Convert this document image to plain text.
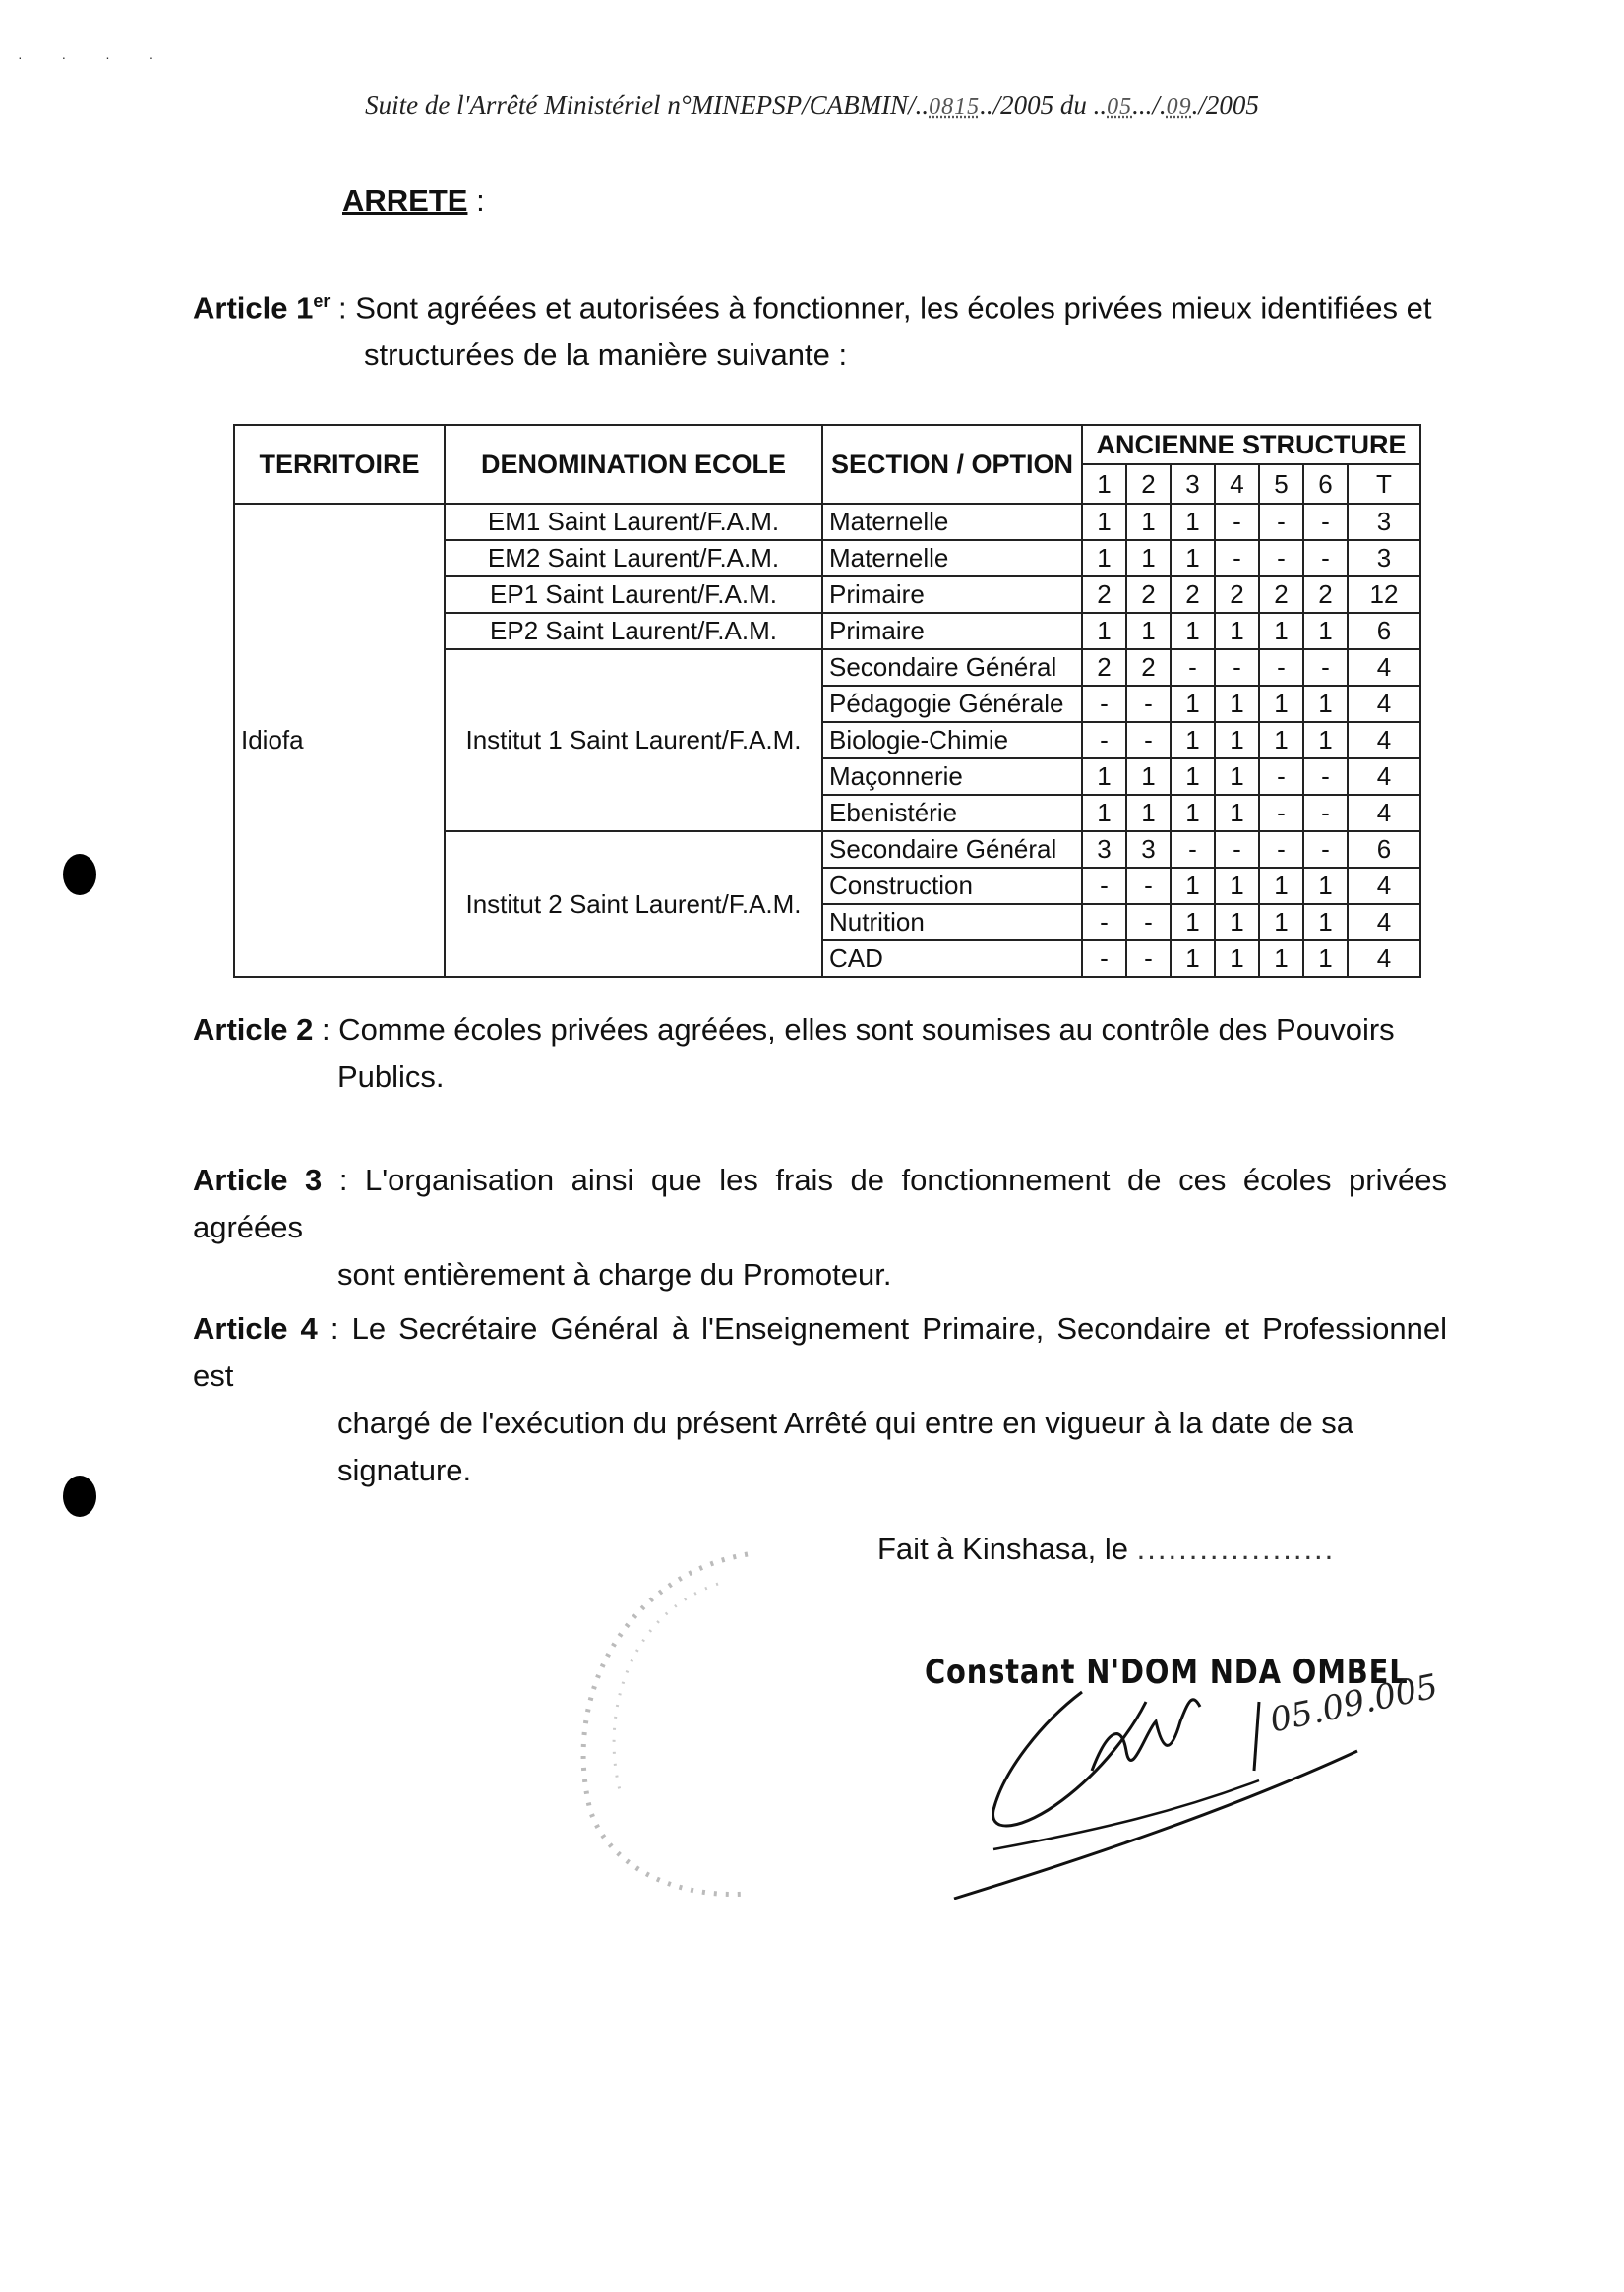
· · · ·
Suite de l'Arrêté Ministériel n°MINEPSP/CABMIN/..0815../2005 du ..05.../.09./2005
ARRETE :
Article 1er : Sont agréées et autorisées à fonctionner, les écoles privées mieux identifiées et
structurées de la manière suivante :
TERRITOIRE	DENOMINATION ECOLE	SECTION / OPTION	ANCIENNE STRUCTURE						
			1	2	3	4	5	6	T
Idiofa	EM1 Saint Laurent/F.A.M.	Maternelle	1	1	1	-	-	-	3
	EM2 Saint Laurent/F.A.M.	Maternelle	1	1	1	-	-	-	3
	EP1 Saint Laurent/F.A.M.	Primaire	2	2	2	2	2	2	12
	EP2 Saint Laurent/F.A.M.	Primaire	1	1	1	1	1	1	6
	Institut 1 Saint Laurent/F.A.M.	Secondaire Général	2	2	-	-	-	-	4
		Pédagogie Générale	-	-	1	1	1	1	4
		Biologie-Chimie	-	-	1	1	1	1	4
		Maçonnerie	1	1	1	1	-	-	4
		Ebenistérie	1	1	1	1	-	-	4
	Institut 2 Saint Laurent/F.A.M.	Secondaire Général	3	3	-	-	-	-	6
		Construction	-	-	1	1	1	1	4
		Nutrition	-	-	1	1	1	1	4
		CAD	-	-	1	1	1	1	4
Article 2 : Comme écoles privées agréées, elles sont soumises au contrôle des Pouvoirs
Publics.
Article 3 : L'organisation ainsi que les frais de fonctionnement de ces écoles privées agréées
sont entièrement à charge du Promoteur.
Article 4 : Le Secrétaire Général à l'Enseignement Primaire, Secondaire et Professionnel est
chargé de l'exécution du présent Arrêté qui entre en vigueur à la date de sa
signature.
Fait à Kinshasa, le ...................
Constant N'DOM NDA OMBEL
05.09.005
